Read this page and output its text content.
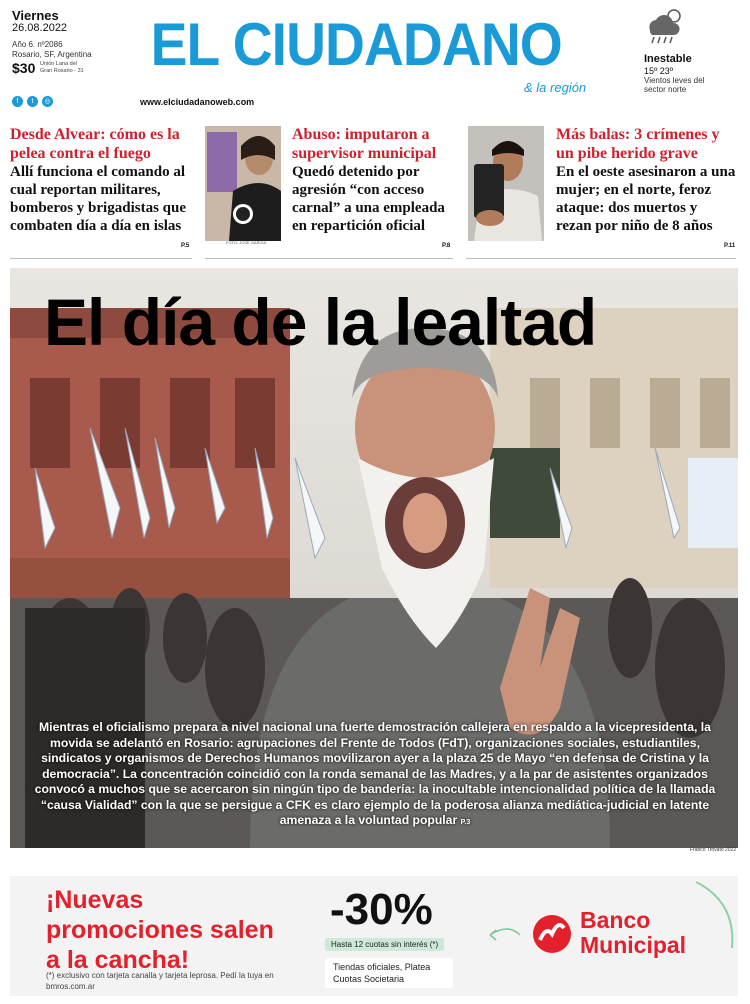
Viernes
26.08.2022
Año 6. nº2086 Rosario, SF, Argentina
$30 Unión Lana del Gran Rosario - 31
f	t	◎
EL CIUDADANO
& la región
www.elciudadanoweb.com
Inestable
15º 23º
Vientos leves del sector norte
Desde Alvear: cómo es la pelea contra el fuego

Allí funciona el comando al cual reportan militares, bomberos y brigadistas que combaten día a día en islas

P.5
FOTO: JOSE GARCIA
Abuso: imputaron a supervisor municipal

Quedó detenido por agresión “con acceso carnal” a una empleada en repartición oficial

P.8
Más balas: 3 crímenes y un pibe herido grave

En el oeste asesinaron a una mujer; en el norte, feroz ataque: dos muertos y rezan por niño de 8 años

P.11
El día de la lealtad
Mientras el oficialismo prepara a nivel nacional una fuerte demostración callejera en respaldo a la vicepresidenta, la movida se adelantó en Rosario: agrupaciones del Frente de Todos (FdT), organizaciones sociales, estudiantiles, sindicatos y organismos de Derechos Humanos movilizaron ayer a la plaza 25 de Mayo “en defensa de Cristina y la democracia”. La concentración coincidió con la ronda semanal de las Madres, y a la par de asistentes organizados convocó a muchos que se acercaron sin ningún tipo de bandería: la inocultable intencionalidad política de la llamada “causa Vialidad” con la que se persigue a CFK es claro ejemplo de la poderosa alianza mediática-judicial en latente amenaza a la voluntad popular P.3
Franco Trovato 2022
¡Nuevas promociones salen a la cancha!
(*) exclusivo con tarjeta canalla y tarjeta leprosa. Pedí la tuya en bmros.com.ar
-30%
Hasta 12 cuotas sin interés (*)
Tiendas oficiales, Platea Cuotas Societaria
Banco Municipal
